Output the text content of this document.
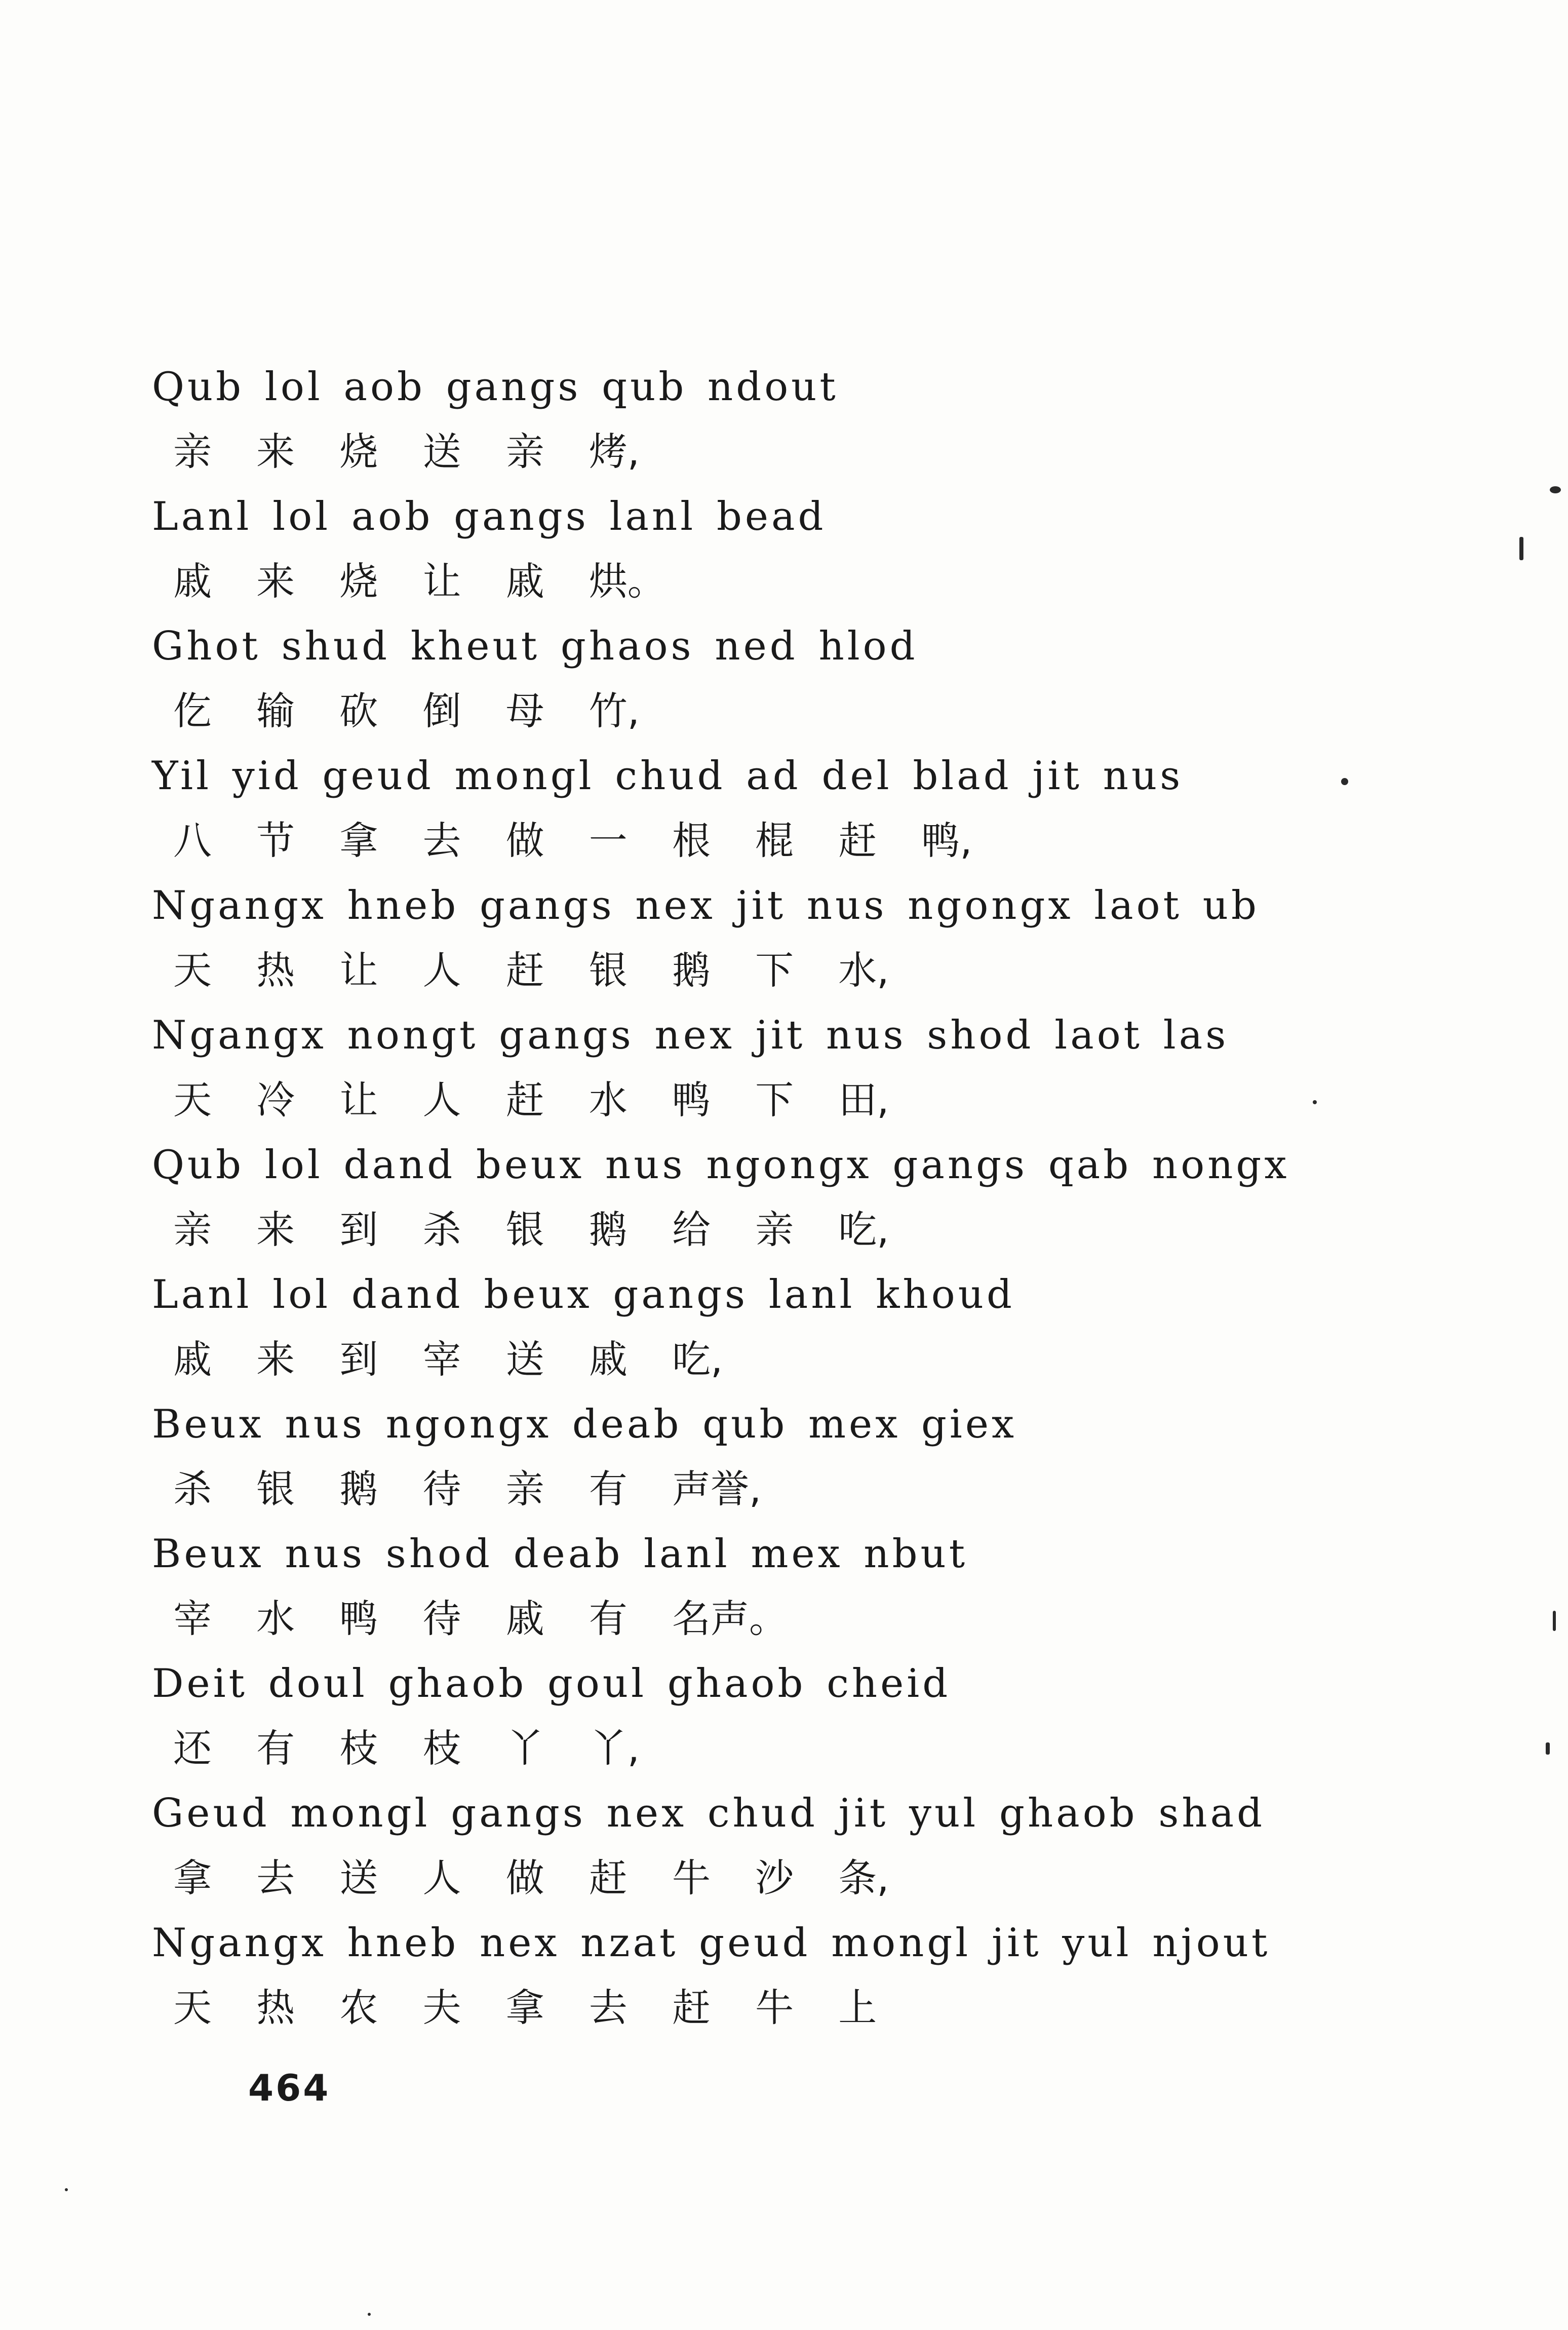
Qub lol aob gangs qub ndout
亲 来 烧 送 亲 烤,
Lanl lol aob gangs lanl bead
戚 来 烧 让 戚 烘。
Ghot shud kheut ghaos ned hlod
仡 输 砍 倒 母 竹,
Yil yid geud mongl chud ad del blad jit nus
八 节 拿 去 做 一 根 棍 赶 鸭,
Ngangx hneb gangs nex jit nus ngongx laot ub
天 热 让 人 赶 银 鹅 下 水,
Ngangx nongt gangs nex jit nus shod laot las
天 冷 让 人 赶 水 鸭 下 田,
Qub lol dand beux nus ngongx gangs qab nongx
亲 来 到 杀 银 鹅 给 亲 吃,
Lanl lol dand beux gangs lanl khoud
戚 来 到 宰 送 戚 吃,
Beux nus ngongx deab qub mex giex
杀 银 鹅 待 亲 有 声誉,
Beux nus shod deab lanl mex nbut
宰 水 鸭 待 戚 有 名声。
Deit doul ghaob goul ghaob cheid
还 有 枝 枝 丫 丫,
Geud mongl gangs nex chud jit yul ghaob shad
拿 去 送 人 做 赶 牛 沙 条,
Ngangx hneb nex nzat geud mongl jit yul njout
天 热 农 夫 拿 去 赶 牛 上
464
